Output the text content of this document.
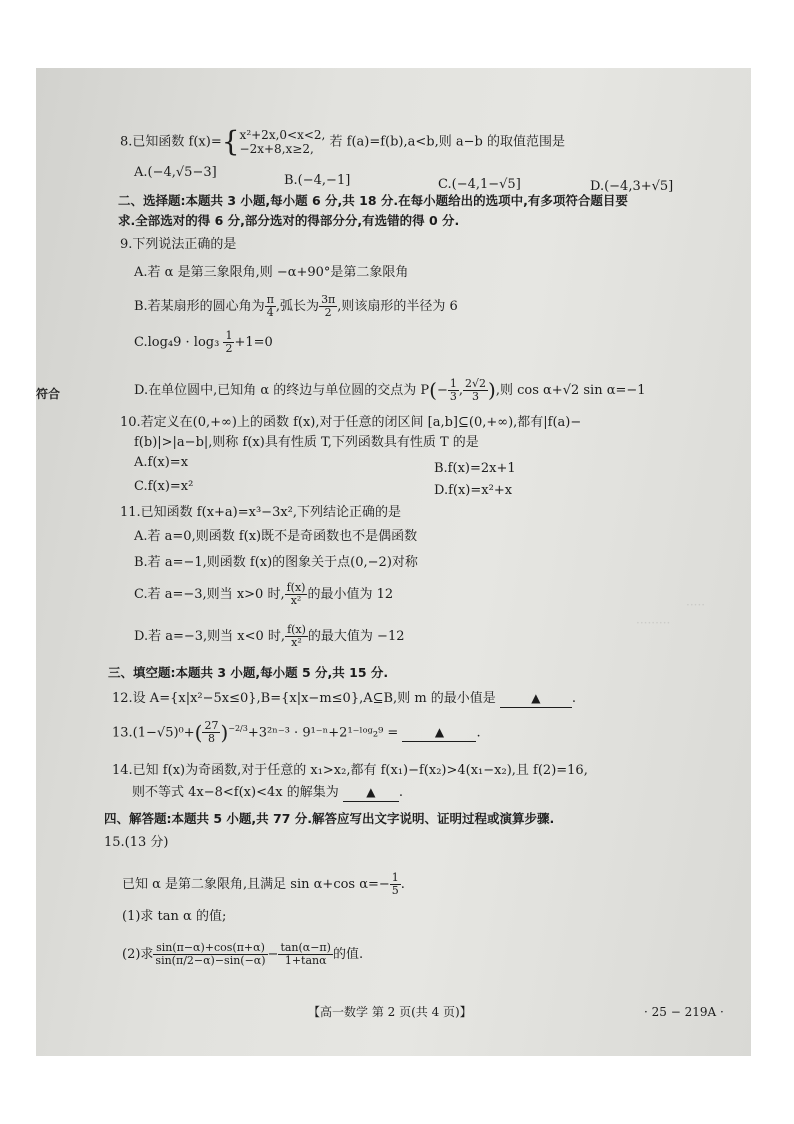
·····
·········
8.已知函数 f(x)={ x²+2x,0<x<2,
−2x+8,x≥2,	若 f(a)=f(b),a<b,则 a−b 的取值范围是
A.(−4,√5−3]
B.(−4,−1]	C.(−4,1−√5]	D.(−4,3+√5]
二、选择题:本题共 3 小题,每小题 6 分,共 18 分.在每小题给出的选项中,有多项符合题目要
求.全部选对的得 6 分,部分选对的得部分分,有选错的得 0 分.
9.下列说法正确的是
A.若 α 是第三象限角,则 −α+90°是第二象限角
B.若某扇形的圆心角为 $\frac{\pi}{4}$ ,弧长为 $\frac{3\pi}{2}$ ,则该扇形的半径为 6
$C.\log_49 \cdot \log_3 \frac{1}{2} +1=0$
D.在单位圆中,已知角 α 的终边与单位圆的交点为 $P(- \frac{1}{3}$ , $\frac{2√2}{3}$ ),则 cos α+√2 sin α=−1
10.若定义在(0,+∞)上的函数 f(x),对于任意的闭区间 [a,b]⊆(0,+∞),都有|f(a)−
f(b)|>|a−b|,则称 f(x)具有性质 T,下列函数具有性质 T 的是
A.f(x)=x	B.f(x)=2x+1
C.f(x)=x²	D.f(x)=x²+x
11.已知函数 f(x+a)=x³−3x²,下列结论正确的是
A.若 a=0,则函数 f(x)既不是奇函数也不是偶函数
B.若 a=−1,则函数 f(x)的图象关于点(0,−2)对称
C.若 a=−3,则当 x>0 时, $\frac{f(x)}{\text{x²}}$ 的最小值为 12
D.若 a=−3,则当 x<0 时, $\frac{f(x)}{\text{x²}}$ 的最大值为 −12
三、填空题:本题共 3 小题,每小题 5 分,共 15 分.
12.设 A={x|x²−5x≤0},B={x|x−m≤0},A⊆B,则 m 的最小值是	▲ .
$13.(1-√5)^0+( \frac{27}{8} )^{-2/3}+3^{2n-3}$ · 9¹⁻ⁿ+2¹⁻ˡᵒᵍ₂⁹ =	▲ .
14.已知 f(x)为奇函数,对于任意的 x₁>x₂,都有 f(x₁)−f(x₂)>4(x₁−x₂),且 f(2)=16,
则不等式 4x−8<f(x)<4x 的解集为 ▲ .
四、解答题:本题共 5 小题,共 77 分.解答应写出文字说明、证明过程或演算步骤.
15.(13 分)
已知 α 是第二象限角,且满足 sin α+cos $\alpha=- \frac{1}{5}$ .
(1)求 tan α 的值;
(2)求 $\frac{\sin(\pi-\alpha)+\cos(\pi+\alpha)}{\sin(\pi/2-\alpha)-\sin(-\alpha)} - \frac{\tan(\alpha-\pi)}{1+\tan\alpha}$ 的值.
【高一数学 第 2 页(共 4 页)】	· 25 − 219A ·
符合
